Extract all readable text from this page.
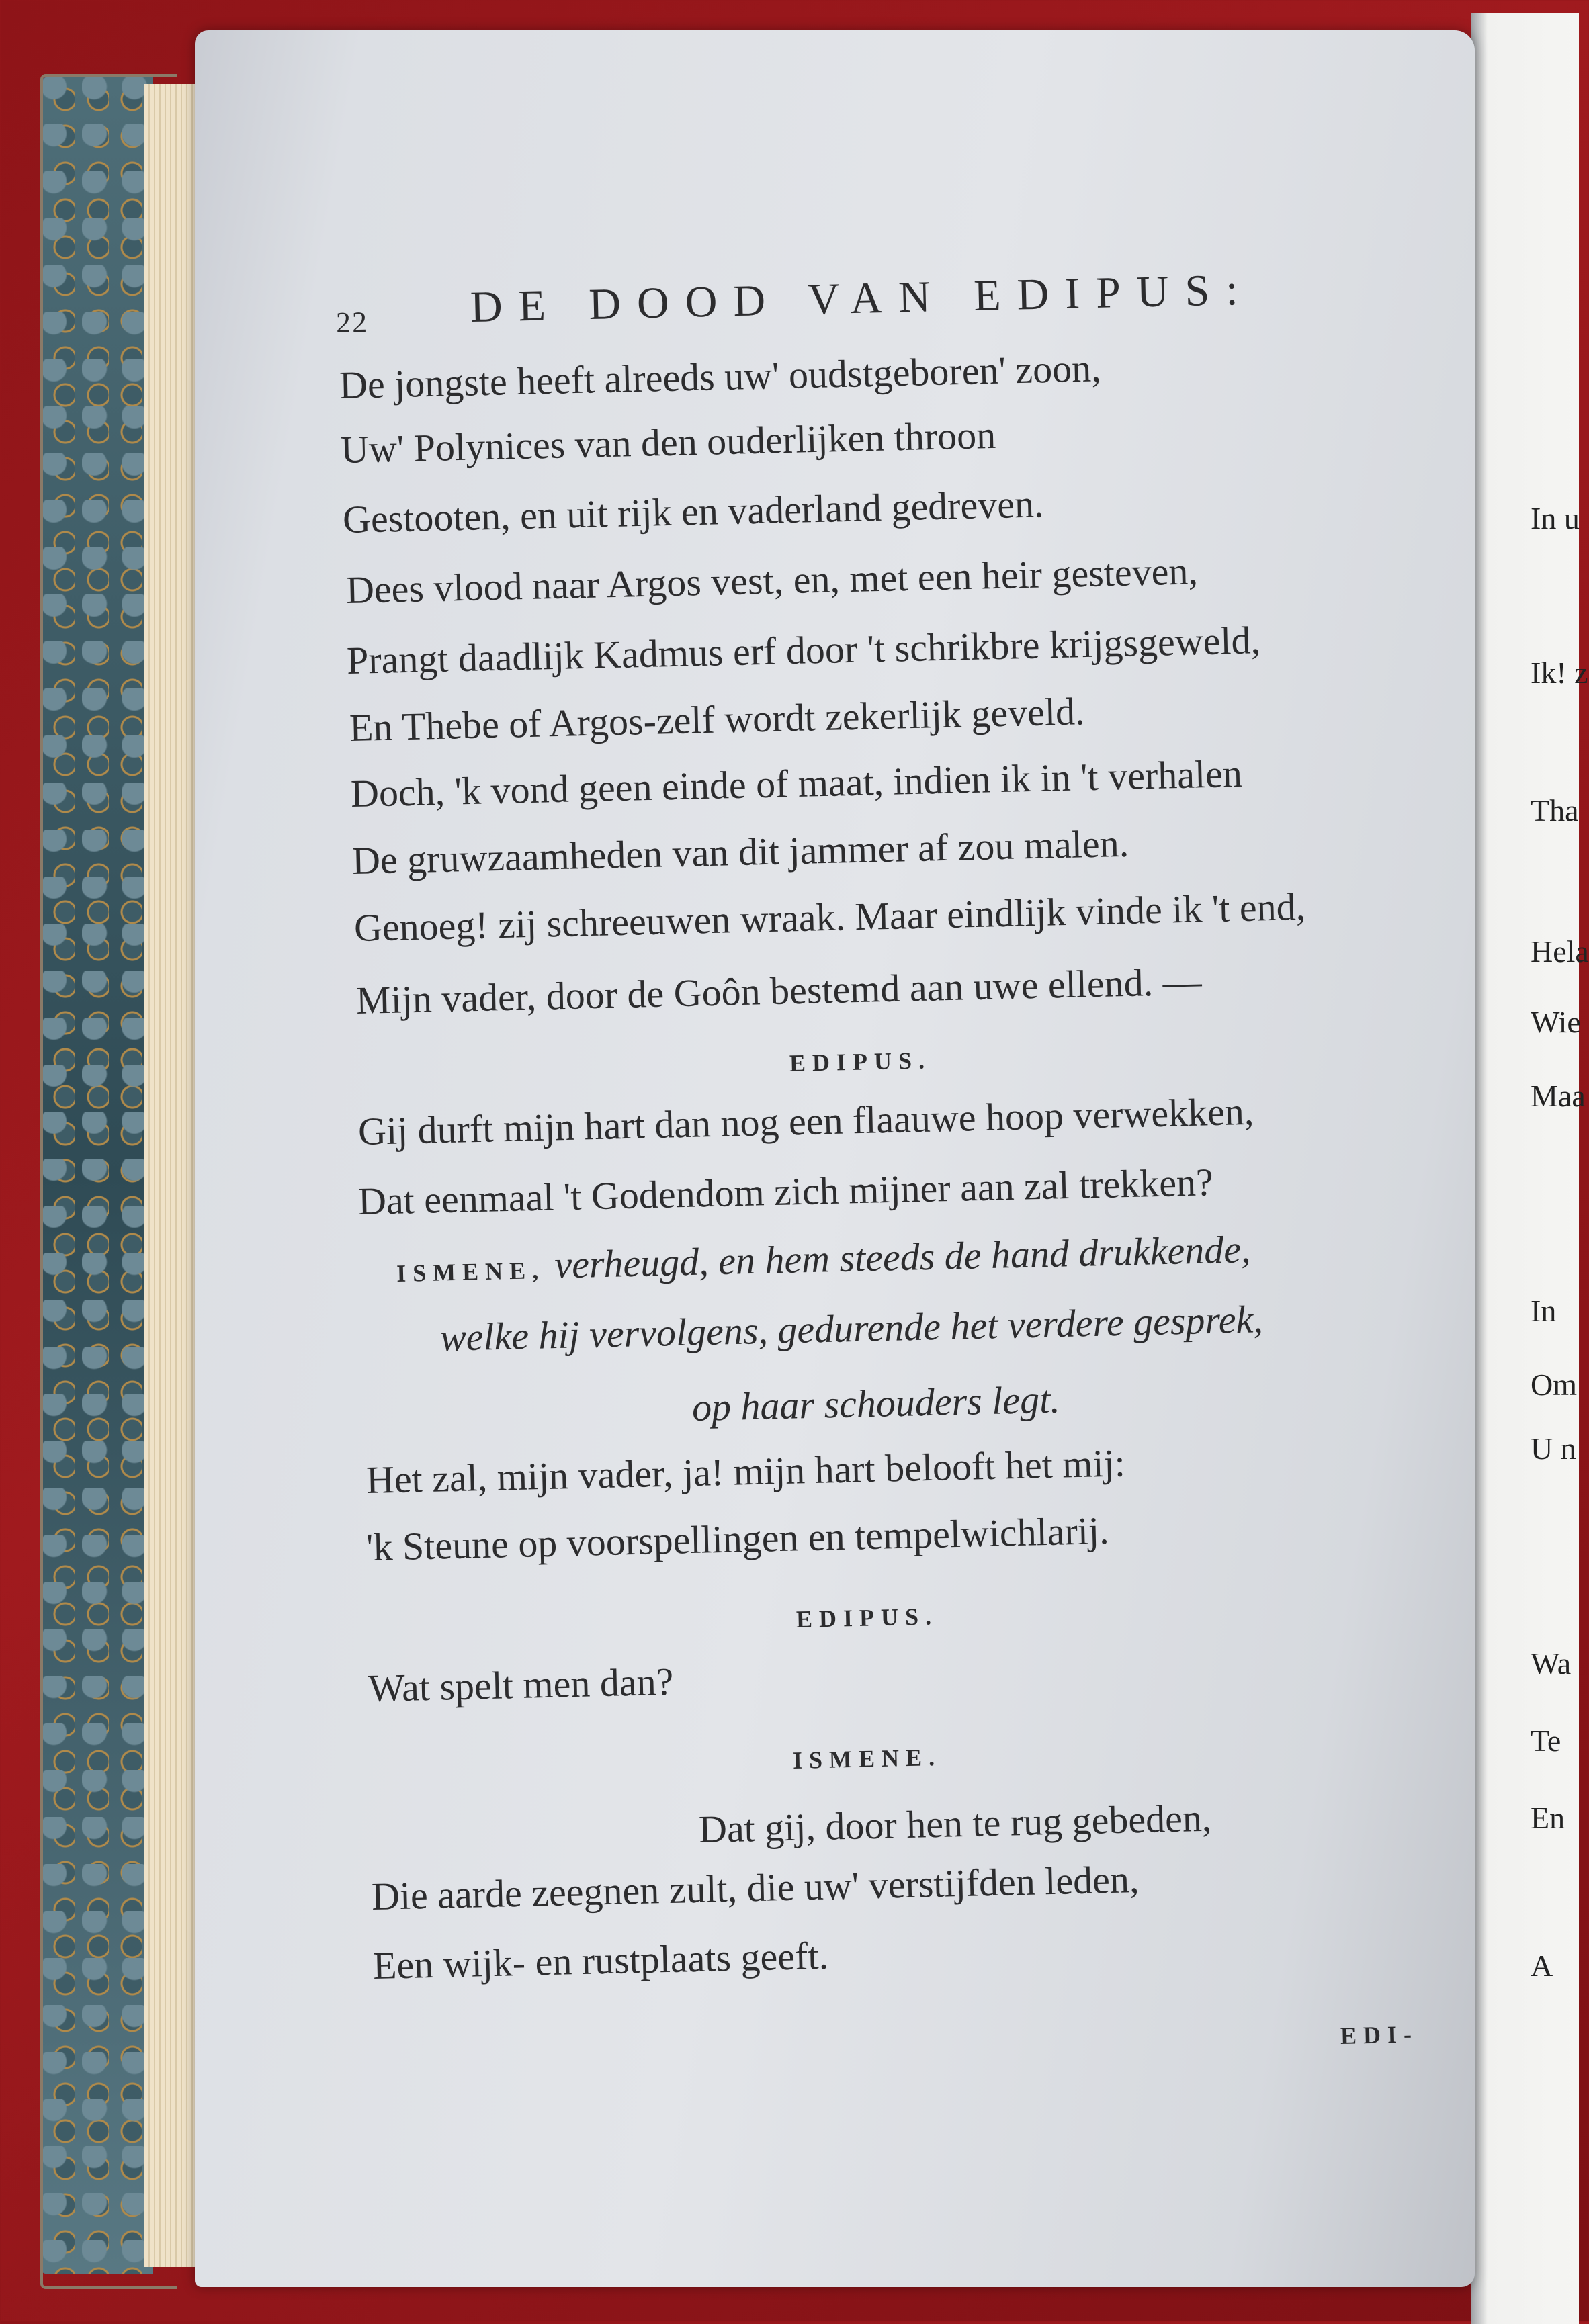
In u
Ik! z
Tha
Hela
Wie
Maa
In
Om
U n
Wa
Te
En
A
22 DE DOOD VAN EDIPUS:
De jongste heeft alreeds uw' oudstgeboren' zoon,
Uw' Polynices van den ouderlijken throon
Gestooten, en uit rijk en vaderland gedreven.
Dees vlood naar Argos vest, en, met een heir gesteven,
Prangt daadlijk Kadmus erf door 't schrikbre krijgsgeweld,
En Thebe of Argos-zelf wordt zekerlijk geveld.
Doch, 'k vond geen einde of maat, indien ik in 't verhalen
De gruwzaamheden van dit jammer af zou malen.
Genoeg! zij schreeuwen wraak. Maar eindlijk vinde ik 't end,
Mijn vader, door de Goôn bestemd aan uwe ellend. —
EDIPUS.
Gij durft mijn hart dan nog een flaauwe hoop verwekken,
Dat eenmaal 't Godendom zich mijner aan zal trekken?
ISMENE, verheugd, en hem steeds de hand drukkende,
welke hij vervolgens, gedurende het verdere gesprek,
op haar schouders legt.
Het zal, mijn vader, ja! mijn hart belooft het mij:
'k Steune op voorspellingen en tempelwichlarij.
EDIPUS.
Wat spelt men dan?
ISMENE.
Dat gij, door hen te rug gebeden,
Die aarde zeegnen zult, die uw' verstijfden leden,
Een wijk- en rustplaats geeft.
EDI-
